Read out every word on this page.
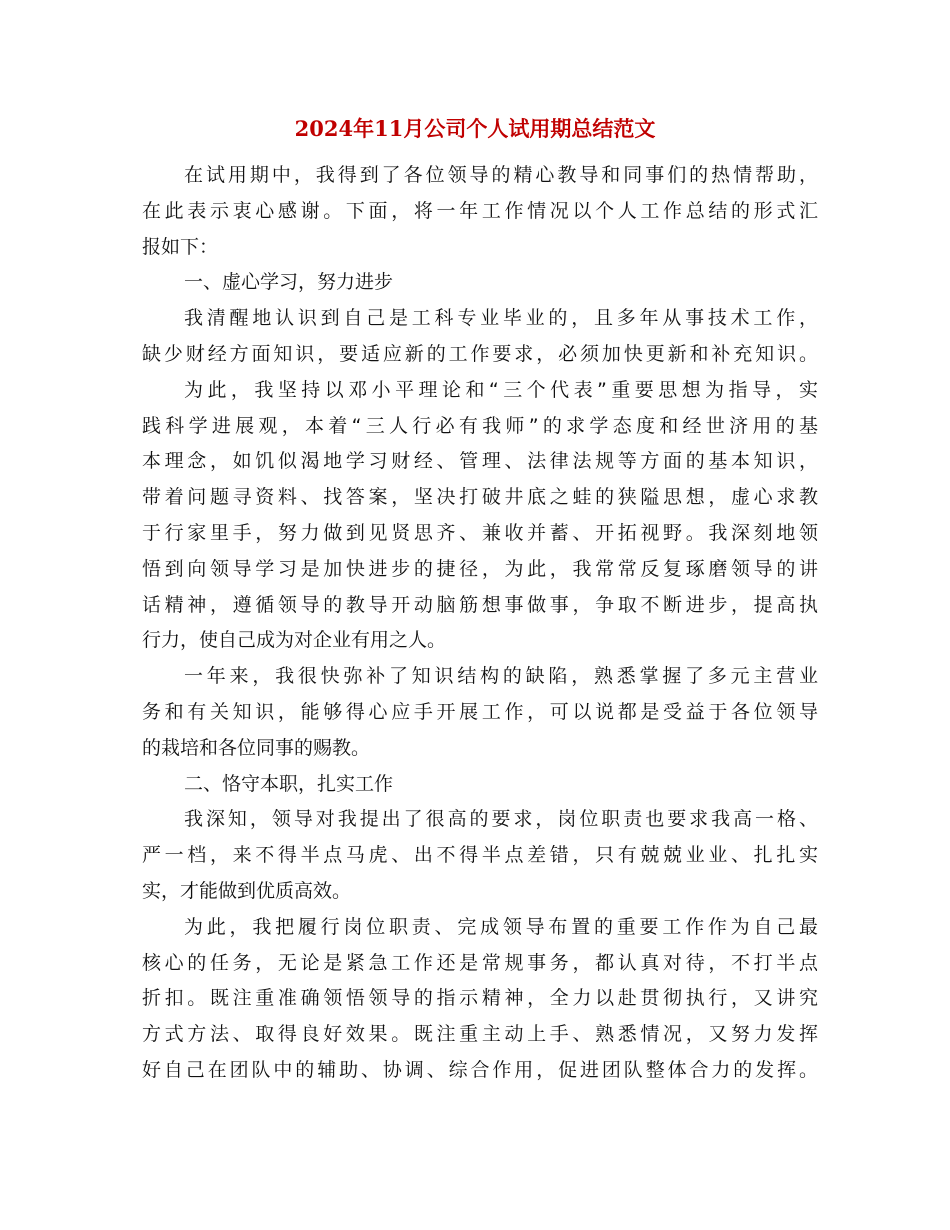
2024年11月公司个人试用期总结范文
在试用期中，我得到了各位领导的精心教导和同事们的热情帮助，
在此表示衷心感谢。下面，将一年工作情况以个人工作总结的形式汇
报如下：
一、虚心学习，努力进步
我清醒地认识到自己是工科专业毕业的，且多年从事技术工作，
缺少财经方面知识，要适应新的工作要求，必须加快更新和补充知识。
为此，我坚持以邓小平理论和“三个代表”重要思想为指导，实
践科学进展观，本着“三人行必有我师”的求学态度和经世济用的基
本理念，如饥似渴地学习财经、管理、法律法规等方面的基本知识，
带着问题寻资料、找答案，坚决打破井底之蛙的狭隘思想，虚心求教
于行家里手，努力做到见贤思齐、兼收并蓄、开拓视野。我深刻地领
悟到向领导学习是加快进步的捷径，为此，我常常反复琢磨领导的讲
话精神，遵循领导的教导开动脑筋想事做事，争取不断进步，提高执
行力，使自己成为对企业有用之人。
一年来，我很快弥补了知识结构的缺陷，熟悉掌握了多元主营业
务和有关知识，能够得心应手开展工作，可以说都是受益于各位领导
的栽培和各位同事的赐教。
二、恪守本职，扎实工作
我深知，领导对我提出了很高的要求，岗位职责也要求我高一格、
严一档，来不得半点马虎、出不得半点差错，只有兢兢业业、扎扎实
实，才能做到优质高效。
为此，我把履行岗位职责、完成领导布置的重要工作作为自己最
核心的任务，无论是紧急工作还是常规事务，都认真对待，不打半点
折扣。既注重准确领悟领导的指示精神，全力以赴贯彻执行，又讲究
方式方法、取得良好效果。既注重主动上手、熟悉情况，又努力发挥
好自己在团队中的辅助、协调、综合作用，促进团队整体合力的发挥。
